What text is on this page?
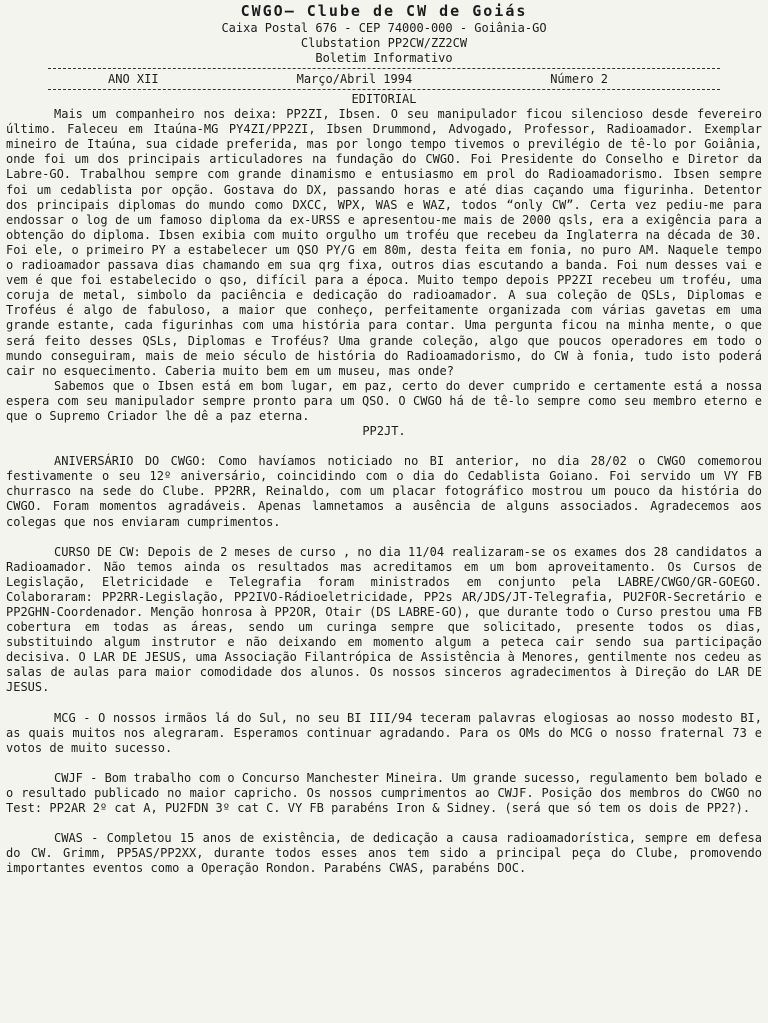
CWGO— Clube de CW de Goiás
Caixa Postal 676 - CEP 74000-000 - Goiânia-GO
Clubstation PP2CW/ZZ2CW
Boletim Informativo
ANO XII	Março/Abril 1994	Número 2

EDITORIAL

Mais um companheiro nos deixa: PP2ZI, Ibsen. O seu manipulador ficou silencioso desde fevereiro último. Faleceu em Itaúna-MG PY4ZI/PP2ZI, Ibsen Drummond, Advogado, Professor, Radioamador. Exemplar mineiro de Itaúna, sua cidade preferida, mas por longo tempo tivemos o previlégio de tê-lo por Goiânia, onde foi um dos principais articuladores na fundação do CWGO. Foi Presidente do Conselho e Diretor da Labre-GO. Trabalhou sempre com grande dinamismo e entusiasmo em prol do Radioamadorismo. Ibsen sempre foi um cedablista por opção. Gostava do DX, passando horas e até dias caçando uma figurinha. Detentor dos principais diplomas do mundo como DXCC, WPX, WAS e WAZ, todos “only CW”. Certa vez pediu-me para endossar o log de um famoso diploma da ex-URSS e apresentou-me mais de 2000 qsls, era a exigência para a obtenção do diploma. Ibsen exibia com muito orgulho um troféu que recebeu da Inglaterra na década de 30. Foi ele, o primeiro PY a estabelecer um QSO PY/G em 80m, desta feita em fonia, no puro AM. Naquele tempo o radioamador passava dias chamando em sua qrg fixa, outros dias escutando a banda. Foi num desses vai e vem é que foi estabelecido o qso, difícil para a época. Muito tempo depois PP2ZI recebeu um troféu, uma coruja de metal, simbolo da paciência e dedicação do radioamador. A sua coleção de QSLs, Diplomas e Troféus é algo de fabuloso, a maior que conheço, perfeitamente organizada com várias gavetas em uma grande estante, cada figurinhas com uma história para contar. Uma pergunta ficou na minha mente, o que será feito desses QSLs, Diplomas e Troféus? Uma grande coleção, algo que poucos operadores em todo o mundo conseguiram, mais de meio século de história do Radioamadorismo, do CW à fonia, tudo isto poderá cair no esquecimento. Caberia muito bem em um museu, mas onde?

Sabemos que o Ibsen está em bom lugar, em paz, certo do dever cumprido e certamente está a nossa espera com seu manipulador sempre pronto para um QSO. O CWGO há de tê-lo sempre como seu membro eterno e que o Supremo Criador lhe dê a paz eterna.

PP2JT.

ANIVERSÁRIO DO CWGO: Como havíamos noticiado no BI anterior, no dia 28/02 o CWGO comemorou festivamente o seu 12º aniversário, coincidindo com o dia do Cedablista Goiano. Foi servido um VY FB churrasco na sede do Clube. PP2RR, Reinaldo, com um placar fotográfico mostrou um pouco da história do CWGO. Foram momentos agradáveis. Apenas lamnetamos a ausência de alguns associados. Agradecemos aos colegas que nos enviaram cumprimentos.

CURSO DE CW: Depois de 2 meses de curso , no dia 11/04 realizaram-se os exames dos 28 candidatos a Radioamador. Não temos ainda os resultados mas acreditamos em um bom aproveitamento. Os Cursos de Legislação, Eletricidade e Telegrafia foram ministrados em conjunto pela LABRE/CWGO/GR-GOEGO. Colaboraram: PP2RR-Legislação, PP2IVO-Rádioeletricidade, PP2s AR/JDS/JT-Telegrafia, PU2FOR-Secretário e PP2GHN-Coordenador. Menção honrosa à PP2OR, Otair (DS LABRE-GO), que durante todo o Curso prestou uma FB cobertura em todas as áreas, sendo um curinga sempre que solicitado, presente todos os dias, substituindo algum instrutor e não deixando em momento algum a peteca cair sendo sua participação decisiva. O LAR DE JESUS, uma Associação Filantrópica de Assistência à Menores, gentilmente nos cedeu as salas de aulas para maior comodidade dos alunos. Os nossos sinceros agradecimentos à Direção do LAR DE JESUS.

MCG - O nossos irmãos lá do Sul, no seu BI III/94 teceram palavras elogiosas ao nosso modesto BI, as quais muitos nos alegraram. Esperamos continuar agradando. Para os OMs do MCG o nosso fraternal 73 e votos de muito sucesso.

CWJF - Bom trabalho com o Concurso Manchester Mineira. Um grande sucesso, regulamento bem bolado e o resultado publicado no maior capricho. Os nossos cumprimentos ao CWJF. Posição dos membros do CWGO no Test: PP2AR 2º cat A, PU2FDN 3º cat C. VY FB parabéns Iron & Sidney. (será que só tem os dois de PP2?).

CWAS - Completou 15 anos de existência, de dedicação a causa radioamadorística, sempre em defesa do CW. Grimm, PP5AS/PP2XX, durante todos esses anos tem sido a principal peça do Clube, promovendo importantes eventos como a Operação Rondon. Parabéns CWAS, parabéns DOC.
